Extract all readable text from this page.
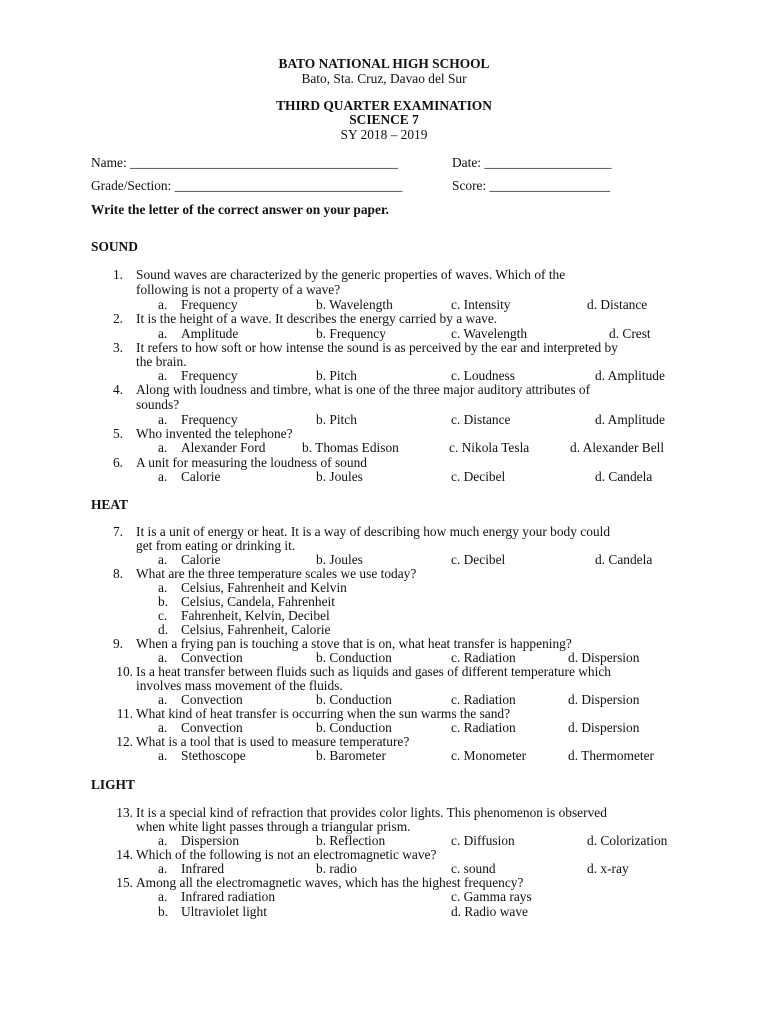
BATO NATIONAL HIGH SCHOOL
Bato, Sta. Cruz, Davao del Sur
THIRD QUARTER EXAMINATION
SCIENCE 7
SY 2018 – 2019
Name: ________________________________________	Date: ___________________
Grade/Section: __________________________________	Score: __________________
Write the letter of the correct answer on your paper.
SOUND
1. Sound waves are characterized by the generic properties of waves. Which of the
following is not a property of a wave?
a. Frequency	b. Wavelength	c. Intensity	d. Distance
2. It is the height of a wave. It describes the energy carried by a wave.
a. Amplitude	b. Frequency	c. Wavelength	d. Crest
3. It refers to how soft or how intense the sound is as perceived by the ear and interpreted by
the brain.
a. Frequency	b. Pitch	c. Loudness	d. Amplitude
4. Along with loudness and timbre, what is one of the three major auditory attributes of
sounds?
a. Frequency	b. Pitch	c. Distance	d. Amplitude
5. Who invented the telephone?
a. Alexander Ford	b. Thomas Edison	c. Nikola Tesla	d. Alexander Bell
6. A unit for measuring the loudness of sound
a. Calorie	b. Joules	c. Decibel	d. Candela
HEAT
7. It is a unit of energy or heat. It is a way of describing how much energy your body could
get from eating or drinking it.
a. Calorie	b. Joules	c. Decibel	d. Candela
8. What are the three temperature scales we use today?
a. Celsius, Fahrenheit and Kelvin
b. Celsius, Candela, Fahrenheit
c. Fahrenheit, Kelvin, Decibel
d. Celsius, Fahrenheit, Calorie
9. When a frying pan is touching a stove that is on, what heat transfer is happening?
a. Convection	b. Conduction	c. Radiation	d. Dispersion
10. Is a heat transfer between fluids such as liquids and gases of different temperature which
involves mass movement of the fluids.
a. Convection	b. Conduction	c. Radiation	d. Dispersion
11. What kind of heat transfer is occurring when the sun warms the sand?
a. Convection	b. Conduction	c. Radiation	d. Dispersion
12. What is a tool that is used to measure temperature?
a. Stethoscope	b. Barometer	c. Monometer	d. Thermometer
LIGHT
13. It is a special kind of refraction that provides color lights. This phenomenon is observed
when white light passes through a triangular prism.
a. Dispersion	b. Reflection	c. Diffusion	d. Colorization
14. Which of the following is not an electromagnetic wave?
a. Infrared	b. radio	c. sound	d. x-ray
15. Among all the electromagnetic waves, which has the highest frequency?
a. Infrared radiation	c. Gamma rays
b. Ultraviolet light	d. Radio wave
